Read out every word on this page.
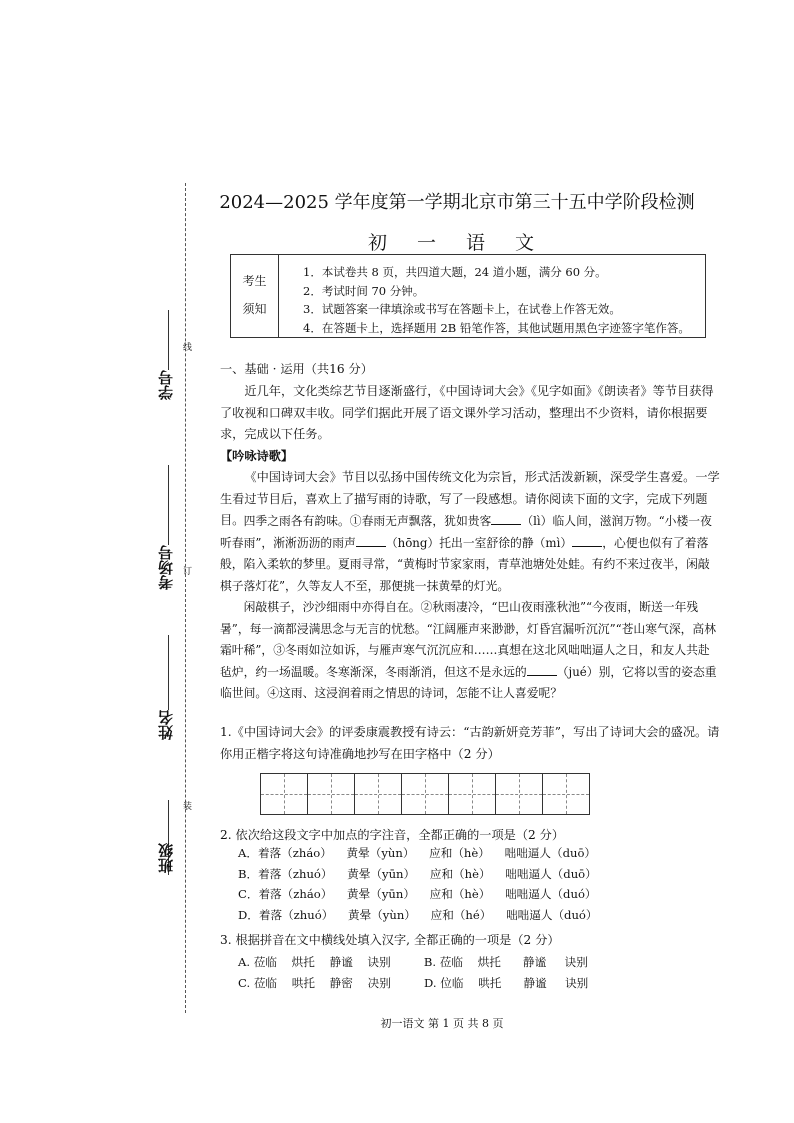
学号
考场号
姓名
班级
线
订
装
2024—2025 学年度第一学期北京市第三十五中学阶段检测
初 一 语 文
考生
须知
1．本试卷共 8 页，共四道大题，24 道小题，满分 60 分。
2．考试时间 70 分钟。
3．试题答案一律填涂或书写在答题卡上，在试卷上作答无效。
4．在答题卡上，选择题用 2B 铅笔作答，其他试题用黑色字迹签字笔作答。
一、基础 · 运用（共16 分）
近几年，文化类综艺节目逐渐盛行，《中国诗词大会》《见字如面》《朗读者》等节目获得了收视和口碑双丰收。同学们据此开展了语文课外学习活动，整理出不少资料，请你根据要求，完成以下任务。
【吟咏诗歌】
《中国诗词大会》节目以弘扬中国传统文化为宗旨，形式活泼新颖，深受学生喜爱。一学生看过节目后，喜欢上了描写雨的诗歌，写了一段感想。请你阅读下面的文字，完成下列题目。 四季之雨各有韵味。①春雨无声飘落，犹如贵客	（lì）临人间，滋润万物。“小楼一夜听春雨”，淅淅沥沥的雨声	（hōng）托出一室舒徐的静（mì）	，心便也似有了着落般，陷入柔软的梦里。夏雨寻常，“黄梅时节家家雨，青草池塘处处蛙。有约不来过夜半，闲敲棋子落灯花”，久等友人不至，那便挑一抹黄晕的灯光。
闲敲棋子，沙沙细雨中亦得自在。②秋雨凄冷，“巴山夜雨涨秋池”“今夜雨，断送一年残暑”，每一滴都浸满思念与无言的忧愁。“江阔雁声来渺渺，灯昏宫漏听沉沉”“苍山寒气深，高林霜叶稀”，③冬雨如泣如诉，与雁声寒气沉沉应和……真想在这北风咄咄逼人之日，和友人共赴毡炉，约一场温暖。冬寒渐深，冬雨渐消，但这不是永远的	（jué）别，它将以雪的姿态重临世间。④这雨、这浸润着雨之情思的诗词，怎能不让人喜爱呢？
1.《中国诗词大会》的评委康震教授有诗云：“古韵新妍竞芳菲”，写出了诗词大会的盛况。请你用正楷字将这句诗准确地抄写在田字格中（2 分）
2. 依次给这段文字中加点的字注音，全都正确的一项是（2 分）
A．着落（zháo）    黄晕（yùn）    应和（hè）    咄咄逼人（duō）
B．着落（zhuó）    黄晕（yūn）    应和（hè）    咄咄逼人（duō）
C．着落（zháo）    黄晕（yūn）    应和（hè）    咄咄逼人（duó）
D．着落（zhuó）    黄晕（yùn）    应和（hé）    咄咄逼人（duó）
3. 根据拼音在文中横线处填入汉字, 全都正确的一项是（2 分）
A. 莅临    烘托    静谧    诀别         B. 莅临    烘托      静谧     诀别
C. 莅临    哄托    静密    决别         D. 位临    哄托      静谧     诀别
初一语文 第 1 页 共 8 页
